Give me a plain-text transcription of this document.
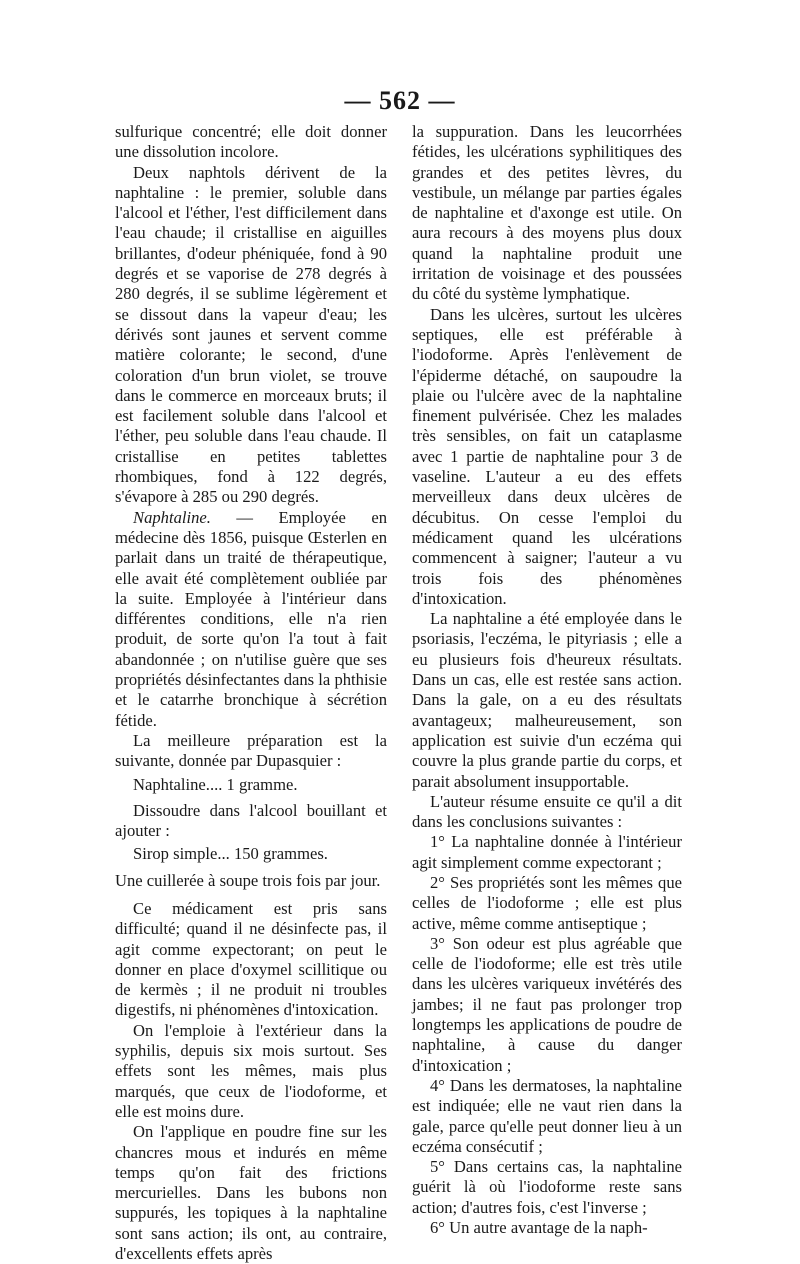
— 562 —

sulfurique concentré; elle doit donner une dissolution incolore.

Deux naphtols dérivent de la naphtaline : le premier, soluble dans l'alcool et l'éther, l'est difficilement dans l'eau chaude; il cristallise en aiguilles brillantes, d'odeur phéniquée, fond à 90 degrés et se vaporise de 278 degrés à 280 degrés, il se sublime légèrement et se dissout dans la vapeur d'eau; les dérivés sont jaunes et servent comme matière colorante; le second, d'une coloration d'un brun violet, se trouve dans le commerce en morceaux bruts; il est facilement soluble dans l'alcool et l'éther, peu soluble dans l'eau chaude. Il cristallise en petites tablettes rhombiques, fond à 122 degrés, s'évapore à 285 ou 290 degrés.

Naphtaline. — Employée en médecine dès 1856, puisque Œsterlen en parlait dans un traité de thérapeutique, elle avait été complètement oubliée par la suite. Employée à l'intérieur dans différentes conditions, elle n'a rien produit, de sorte qu'on l'a tout à fait abandonnée ; on n'utilise guère que ses propriétés désinfectantes dans la phthisie et le catarrhe bronchique à sécrétion fétide.

La meilleure préparation est la suivante, donnée par Dupasquier :

Naphtaline.... 1 gramme.

Dissoudre dans l'alcool bouillant et ajouter :

Sirop simple... 150 grammes.

Une cuillerée à soupe trois fois par jour.

Ce médicament est pris sans difficulté; quand il ne désinfecte pas, il agit comme expectorant; on peut le donner en place d'oxymel scillitique ou de kermès ; il ne produit ni troubles digestifs, ni phénomènes d'intoxication.

On l'emploie à l'extérieur dans la syphilis, depuis six mois surtout. Ses effets sont les mêmes, mais plus marqués, que ceux de l'iodoforme, et elle est moins dure.

On l'applique en poudre fine sur les chancres mous et indurés en même temps qu'on fait des frictions mercurielles. Dans les bubons non suppurés, les topiques à la naphtaline sont sans action; ils ont, au contraire, d'excellents effets après

la suppuration. Dans les leucorrhées fétides, les ulcérations syphilitiques des grandes et des petites lèvres, du vestibule, un mélange par parties égales de naphtaline et d'axonge est utile. On aura recours à des moyens plus doux quand la naphtaline produit une irritation de voisinage et des poussées du côté du système lymphatique.

Dans les ulcères, surtout les ulcères septiques, elle est préférable à l'iodoforme. Après l'enlèvement de l'épiderme détaché, on saupoudre la plaie ou l'ulcère avec de la naphtaline finement pulvérisée. Chez les malades très sensibles, on fait un cataplasme avec 1 partie de naphtaline pour 3 de vaseline. L'auteur a eu des effets merveilleux dans deux ulcères de décubitus. On cesse l'emploi du médicament quand les ulcérations commencent à saigner; l'auteur a vu trois fois des phénomènes d'intoxication.

La naphtaline a été employée dans le psoriasis, l'eczéma, le pityriasis ; elle a eu plusieurs fois d'heureux résultats. Dans un cas, elle est restée sans action. Dans la gale, on a eu des résultats avantageux; malheureusement, son application est suivie d'un eczéma qui couvre la plus grande partie du corps, et parait absolument insupportable.

L'auteur résume ensuite ce qu'il a dit dans les conclusions suivantes :

1° La naphtaline donnée à l'intérieur agit simplement comme expectorant ;

2° Ses propriétés sont les mêmes que celles de l'iodoforme ; elle est plus active, même comme antiseptique ;

3° Son odeur est plus agréable que celle de l'iodoforme; elle est très utile dans les ulcères variqueux invétérés des jambes; il ne faut pas prolonger trop longtemps les applications de poudre de naphtaline, à cause du danger d'intoxication ;

4° Dans les dermatoses, la naphtaline est indiquée; elle ne vaut rien dans la gale, parce qu'elle peut donner lieu à un eczéma consécutif ;

5° Dans certains cas, la naphtaline guérit là où l'iodoforme reste sans action; d'autres fois, c'est l'inverse ;

6° Un autre avantage de la naph-
